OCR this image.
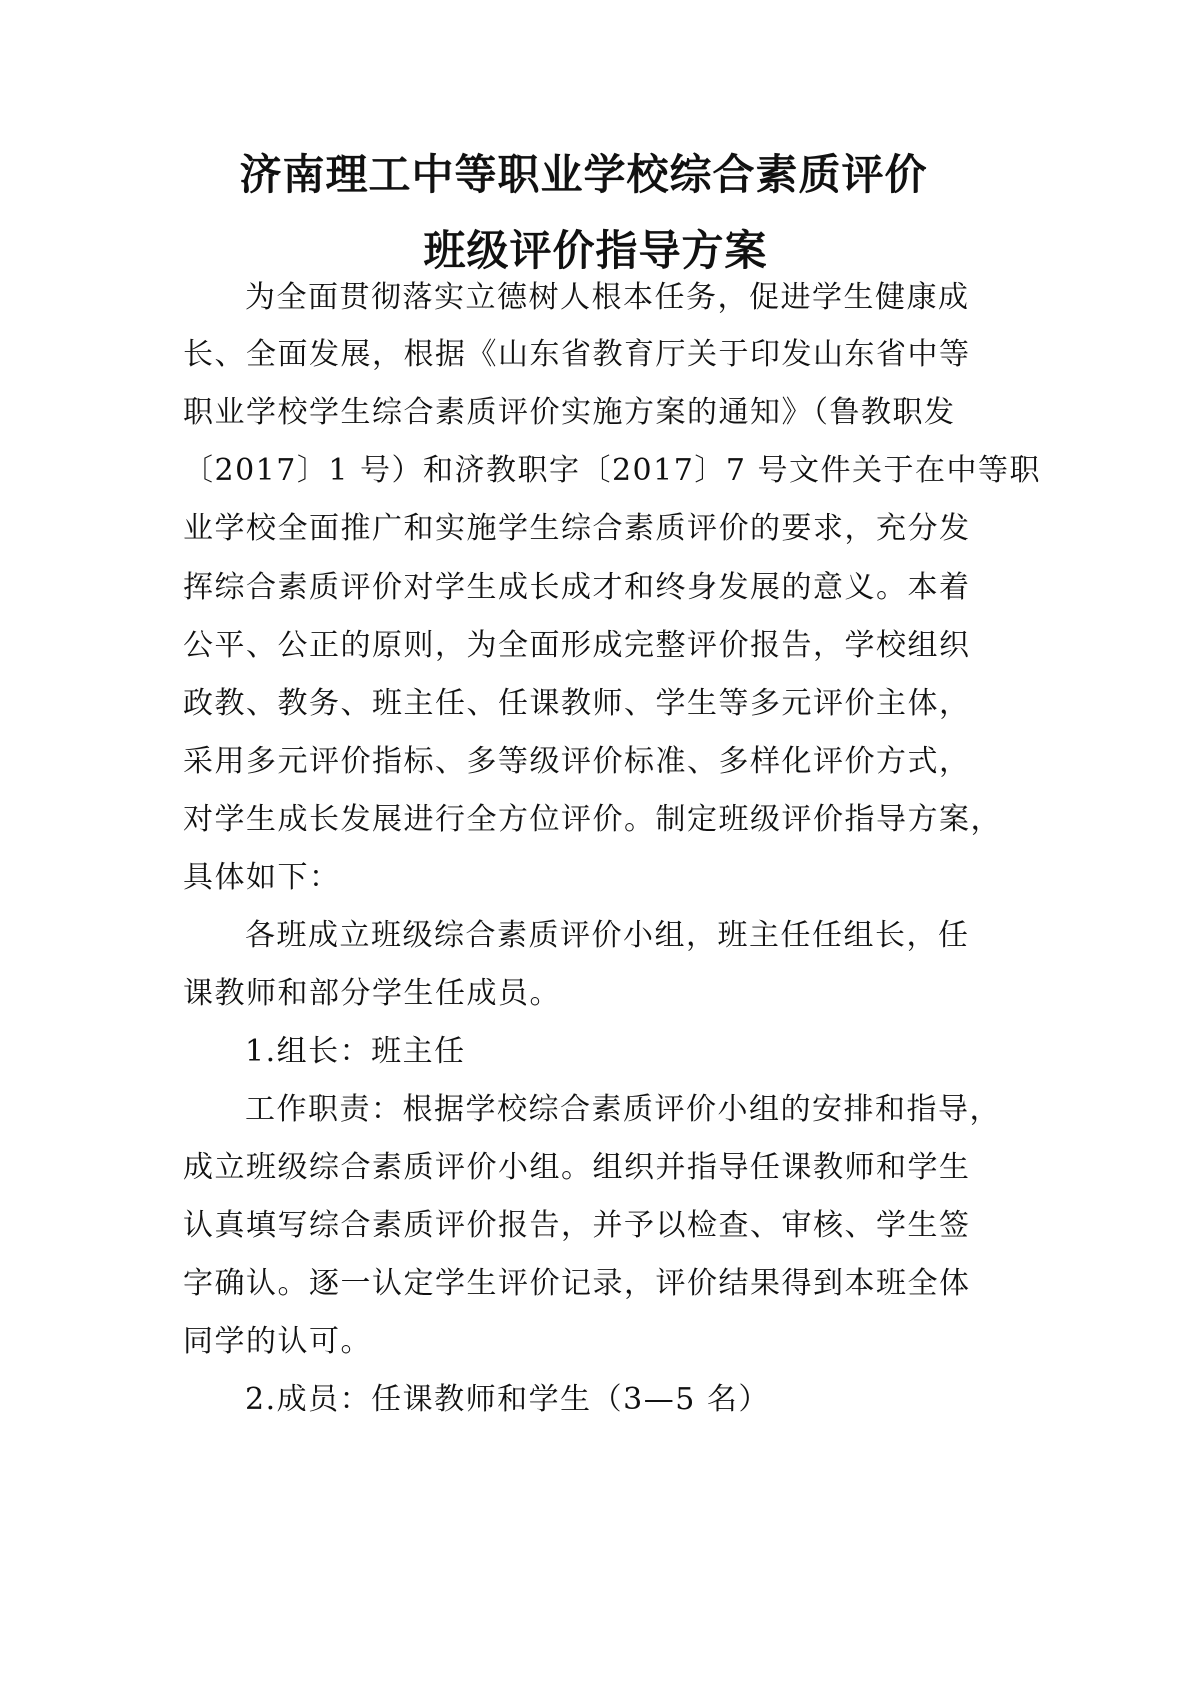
济南理工中等职业学校综合素质评价
班级评价指导方案

为全面贯彻落实立德树人根本任务，促进学生健康成

长、全面发展，根据《山东省教育厅关于印发山东省中等

职业学校学生综合素质评价实施方案的通知》（鲁教职发

〔2017〕1 号）和济教职字〔2017〕7 号文件关于在中等职

业学校全面推广和实施学生综合素质评价的要求，充分发

挥综合素质评价对学生成长成才和终身发展的意义。本着

公平、公正的原则，为全面形成完整评价报告，学校组织

政教、教务、班主任、任课教师、学生等多元评价主体，

采用多元评价指标、多等级评价标准、多样化评价方式，

对学生成长发展进行全方位评价。制定班级评价指导方案，

具体如下：

各班成立班级综合素质评价小组，班主任任组长，任

课教师和部分学生任成员。

1.组长：班主任

工作职责：根据学校综合素质评价小组的安排和指导，

成立班级综合素质评价小组。组织并指导任课教师和学生

认真填写综合素质评价报告，并予以检查、审核、学生签

字确认。逐一认定学生评价记录，评价结果得到本班全体

同学的认可。

2.成员：任课教师和学生（3—5 名）
